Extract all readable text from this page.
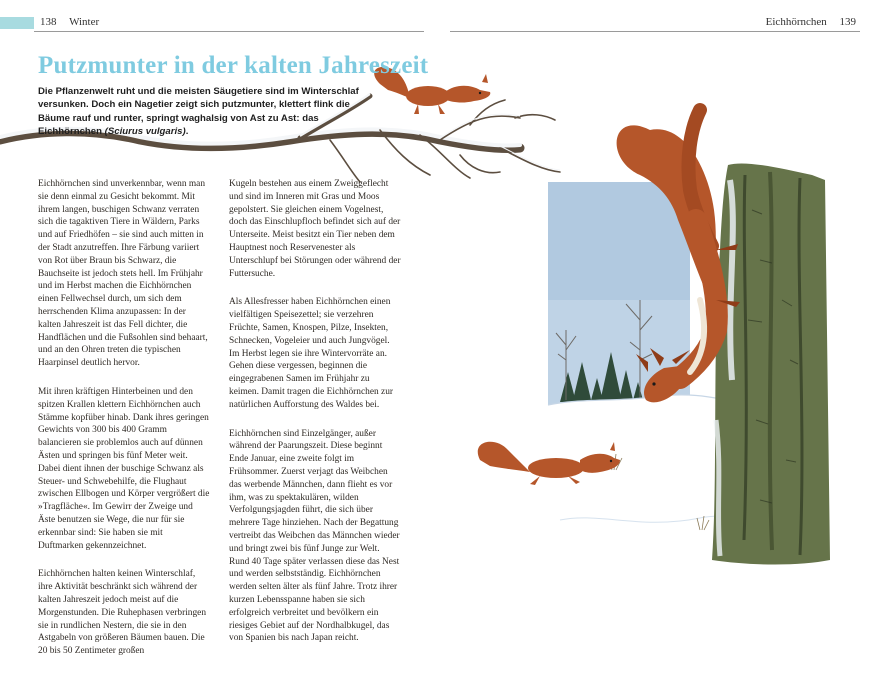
138 Winter	Eichhörnchen 139
Putzmunter in der kalten Jahreszeit

Die Pflanzenwelt ruht und die meisten Säugetiere sind im Winterschlaf versunken. Doch ein Nagetier zeigt sich putzmunter, klettert flink die Bäume rauf und runter, springt waghalsig von Ast zu Ast: das Eichhörnchen (Sciurus vulgaris).

Eichhörnchen sind unverkennbar, wenn man sie denn einmal zu Gesicht bekommt. Mit ihrem langen, buschigen Schwanz verraten sich die tagaktiven Tiere in Wäldern, Parks und auf Friedhöfen – sie sind auch mitten in der Stadt anzutreffen. Ihre Färbung variiert von Rot über Braun bis Schwarz, die Bauchseite ist jedoch stets hell. Im Frühjahr und im Herbst machen die Eichhörnchen einen Fellwechsel durch, um sich dem herrschenden Klima anzupassen: In der kalten Jahreszeit ist das Fell dichter, die Handflächen und die Fußsohlen sind behaart, und an den Ohren treten die typischen Haarpinsel deutlich hervor.

Mit ihren kräftigen Hinterbeinen und den spitzen Krallen klettern Eichhörnchen auch Stämme kopfüber hinab. Dank ihres geringen Gewichts von 300 bis 400 Gramm balancieren sie problemlos auch auf dünnen Ästen und springen bis fünf Meter weit. Dabei dient ihnen der buschige Schwanz als Steuer- und Schwebehilfe, die Flughaut zwischen Ellbogen und Körper vergrößert die »Tragfläche«. Im Gewirr der Zweige und Äste benutzen sie Wege, die nur für sie erkennbar sind: Sie haben sie mit Duftmarken gekennzeichnet.

Eichhörnchen halten keinen Winterschlaf, ihre Aktivität beschränkt sich während der kalten Jahreszeit jedoch meist auf die Morgenstunden. Die Ruhephasen verbringen sie in rundlichen Nestern, die sie in den Astgabeln von größeren Bäumen bauen. Die 20 bis 50 Zentimeter großen

Kugeln bestehen aus einem Zweiggeflecht und sind im Inneren mit Gras und Moos gepolstert. Sie gleichen einem Vogelnest, doch das Einschlupfloch befindet sich auf der Unterseite. Meist besitzt ein Tier neben dem Hauptnest noch Reservenester als Unterschlupf bei Störungen oder während der Futtersuche.

Als Allesfresser haben Eichhörnchen einen vielfältigen Speisezettel; sie verzehren Früchte, Samen, Knospen, Pilze, Insekten, Schnecken, Vogeleier und auch Jungvögel. Im Herbst legen sie ihre Wintervorräte an. Gehen diese vergessen, beginnen die eingegrabenen Samen im Frühjahr zu keimen. Damit tragen die Eichhörnchen zur natürlichen Aufforstung des Waldes bei.

Eichhörnchen sind Einzelgänger, außer während der Paarungszeit. Diese beginnt Ende Januar, eine zweite folgt im Frühsommer. Zuerst verjagt das Weibchen das werbende Männchen, dann flieht es vor ihm, was zu spektakulären, wilden Verfolgungsjagden führt, die sich über mehrere Tage hinziehen. Nach der Begattung vertreibt das Weibchen das Männchen wieder und bringt zwei bis fünf Junge zur Welt. Rund 40 Tage später verlassen diese das Nest und werden selbstständig. Eichhörnchen werden selten älter als fünf Jahre. Trotz ihrer kurzen Lebensspanne haben sie sich erfolgreich verbreitet und bevölkern ein riesiges Gebiet auf der Nordhalbkugel, das von Spanien bis nach Japan reicht.
